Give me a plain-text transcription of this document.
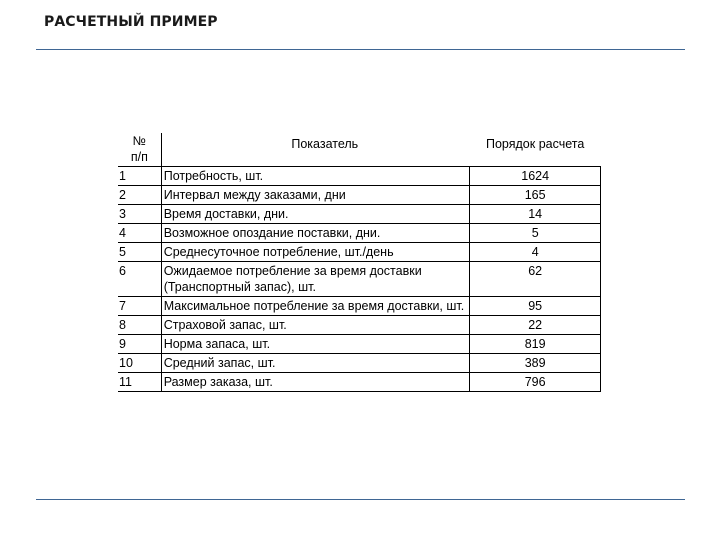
РАСЧЕТНЫЙ ПРИМЕР
№
п/п	Показатель	Порядок расчета
1	Потребность, шт.	1624
2	Интервал между заказами, дни	165
3	Время доставки, дни.	14
4	Возможное опоздание поставки, дни.	5
5	Среднесуточное потребление, шт./день	4
6	Ожидаемое потребление за время доставки (Транспортный запас), шт.	62
7	Максимальное потребление за время доставки, шт.	95
8	Страховой запас, шт.	22
9	Норма запаса, шт.	819
10	Средний запас, шт.	389
11	Размер заказа, шт.	796
